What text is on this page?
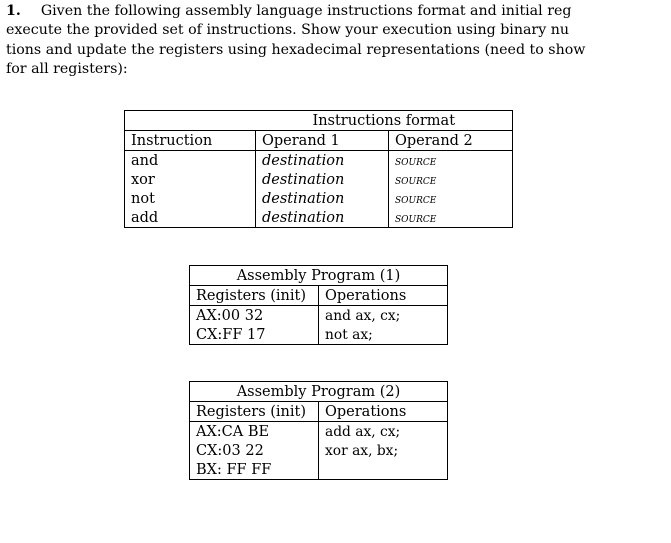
1. Given the following assembly language instructions format and initial reg
execute the provided set of instructions. Show your execution using binary nu
tions and update the registers using hexadecimal representations (need to show
for all registers):
	Instructions format	
Instruction	Operand 1	Operand 2
and	destination	source
xor	destination	source
not	destination	source
add	destination	source
Assembly Program (1)	
Registers (init)	Operations
AX:00 32	and ax, cx;
CX:FF 17	not ax;
Assembly Program (2)	
Registers (init)	Operations
AX:CA BE	add ax, cx;
CX:03 22	xor ax, bx;
BX: FF FF	
